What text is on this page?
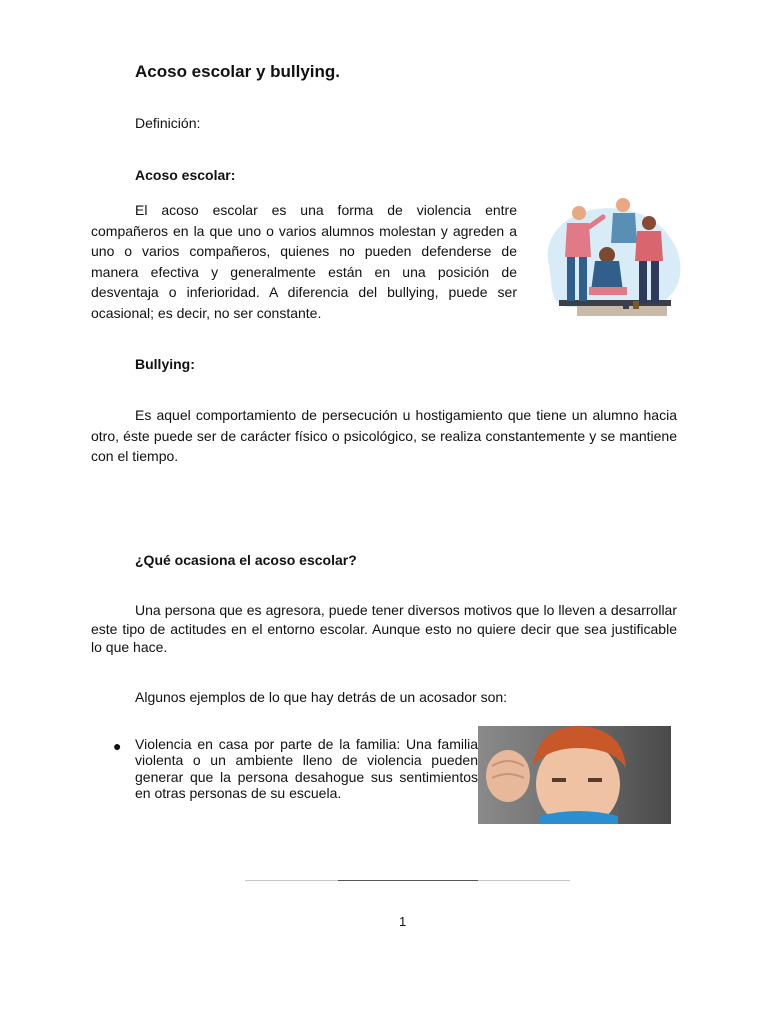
Acoso escolar y bullying.
Definición:
Acoso escolar:

El acoso escolar es una forma de violencia entre compañeros en la que uno o varios alumnos molestan y agreden a uno o varios compañeros, quienes no pueden defenderse de manera efectiva y generalmente están en una posición de desventaja o inferioridad. A diferencia del bullying, puede ser ocasional; es decir, no ser constante.

Bullying:

Es aquel comportamiento de persecución u hostigamiento que tiene un alumno hacia otro, éste puede ser de carácter físico o psicológico, se realiza constantemente y se mantiene con el tiempo.

¿Qué ocasiona el acoso escolar?

Una persona que es agresora, puede tener diversos motivos que lo lleven a desarrollar este tipo de actitudes en el entorno escolar. Aunque esto no quiere decir que sea justificable lo que hace.

Algunos ejemplos de lo que hay detrás de un acosador son:
● Violencia en casa por parte de la familia: Una familia violenta o un ambiente lleno de violencia pueden generar que la persona desahogue sus sentimientos en otras personas de su escuela.

1
